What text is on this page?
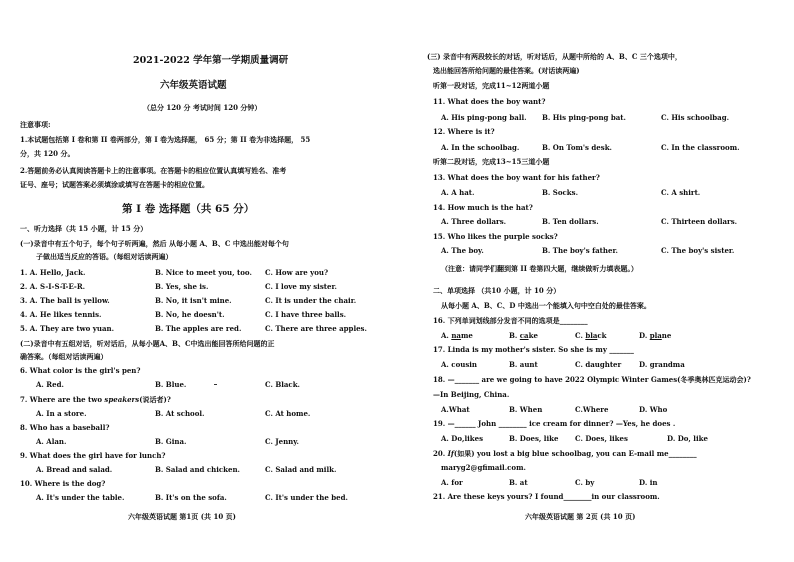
2021-2022 学年第一学期质量调研
六年级英语试题
（总分 120 分 考试时间 120 分钟）
注意事项:
1.本试题包括第 I 卷和第 II 卷两部分，第 I 卷为选择题， 65 分；第 II 卷为非选择题， 55
分，共 120 分。
2.答题前务必认真阅读答题卡上的注意事项。在答题卡的相应位置认真填写姓名、准考
证号、座号；试题答案必须填涂或填写在答题卡的相应位置。
第 I 卷 选择题（共 65 分）
一、听力选择（共 15 小题，计 15 分）
(一)录音中有五个句子，每个句子听两遍，然后 从每小题 A、B、C 中选出能对每个句
子做出适当反应的答语。（每组对话读两遍）
1. A. Hello, Jack.	B. Nice to meet you, too. C. How are you?
2. A. S-I-S-T-E-R.	B. Yes, she is.	C. I love my sister.
3. A. The ball is yellow.	B. No, it isn't mine.	C. It is under the chair.
4. A. He likes tennis.	B. No, he doesn't.	C. I have three balls.
5. A. They are two yuan.	B. The apples are red.	C. There are three apples.
(二)录音中有五组对话，听对话后，从每小题A、B、C中选出能回答所给问题的正
确答案。（每组对话读两遍）
6. What color is the girl's pen?
A. Red.	B. Blue.	C. Black.
7. Where are the two speakers(说话者)?
A. In a store.	B. At school.	C. At home.
8. Who has a baseball?
A. Alan.	B. Gina.	C. Jenny.
9. What does the girl have for lunch?
A. Bread and salad.	B. Salad and chicken.	C. Salad and milk.
10. Where is the dog?
A. It's under the table.	B. It's on the sofa.	C. It's under the bed.
六年级英语试题 第1页 (共 10 页)
(三) 录音中有两段较长的对话，听对话后，从题中所给的 A、B、C 三个选项中，
选出能回答所给问题的最佳答案。(对话读两遍)
听第一段对话，完成11~12两道小题
11. What does the boy want?
A. His ping-pong ball. B. His ping-pong bat.	C. His schoolbag.
12. Where is it?
A. In the schoolbag.	B. On Tom's desk.	C. In the classroom.
听第二段对话，完成13~15三道小题
13. What does the boy want for his father?
A. A hat.	B. Socks.	C. A shirt.
14. How much is the hat?
A. Three dollars.	B. Ten dollars.	C. Thirteen dollars.
15. Who likes the purple socks?
A. The boy.	B. The boy's father.	C. The boy's sister.
（注意：请同学们翻到第 II 卷第四大题，继续做听力填表题。）
二、单项选择 （共10 小题，计 10 分）
从每小题 A、B、C、D 中选出一个能填入句中空白处的最佳答案。
16. 下列单词划线部分发音不同的选项是________
A. name	B. cake	C. black	D. plane
17. Linda is my mother's sister. So she is my _______
A. cousin	B. aunt	C. daughter	D. grandma
18. —_______ are we going to have 2022 Olympic Winter Games(冬季奥林匹克运动会)?
—In Beijing, China.
A.What	B. When	C.Where	D. Who
19. —______ John ________ ice cream for dinner? —Yes, he does .
A. Do,likes	B. Does, like C. Does, likes	D. Do, like
20. If(如果) you lost a big blue schoolbag, you can E-mail me________
maryg2@gfimail.com.
A. for	B. at	C. by	D. in
21. Are these keys yours? I found________in our classroom.
六年级英语试题 第 2页 (共 10 页)
